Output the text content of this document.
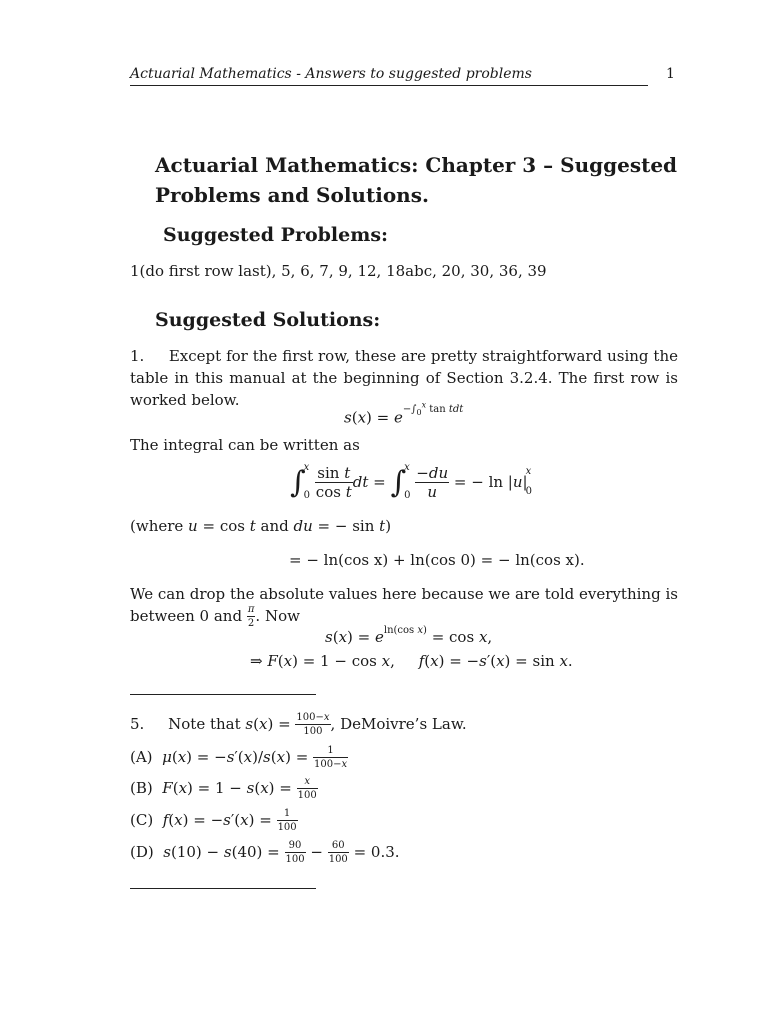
Actuarial Mathematics - Answers to suggested problems	1
Actuarial Mathematics: Chapter 3 – Suggested Problems and Solutions.
Suggested Problems:
1(do first row last), 5, 6, 7, 9, 12, 18abc, 20, 30, 36, 39
Suggested Solutions:
1. Except for the first row, these are pretty straightforward using the table in this manual at the beginning of Section 3.2.4. The first row is worked below.
$s(x) = e^{-\int_0^x tan tdt}$
The integral can be written as
∫
x
0
$\frac{\text{sin t}}{\text{cos t}}$ dt = ∫
x
0
$\frac{-du}{u}$ = − ln |u|
x
0
(where u = cos t and du = − sin t)
= − ln(cos x) + ln(cos 0) = − ln(cos x).
We can drop the absolute values here because we are told everything is between 0 and $\frac{\pi}{2}$ . Now
$s(x) = e^{ln(cos x)} = \cos x$,
⇒ F(x) = 1 − cos x,     f(x) = −s′(x) = sin x.
5.     Note that $s(x) = \frac{100-x}{100}$ , DeMoivre’s Law.
(A) $\mu(x) = -s'(x)/s(x) = \frac{1}{100-x}$
(B) $F(x) = 1 - s(x) = \frac{x}{100}$
(C) $f(x) = -s'(x) = \frac{1}{100}$
(D) $s(10) - s(40) = \frac{90}{100} - \frac{60}{100} = 0.3$.
